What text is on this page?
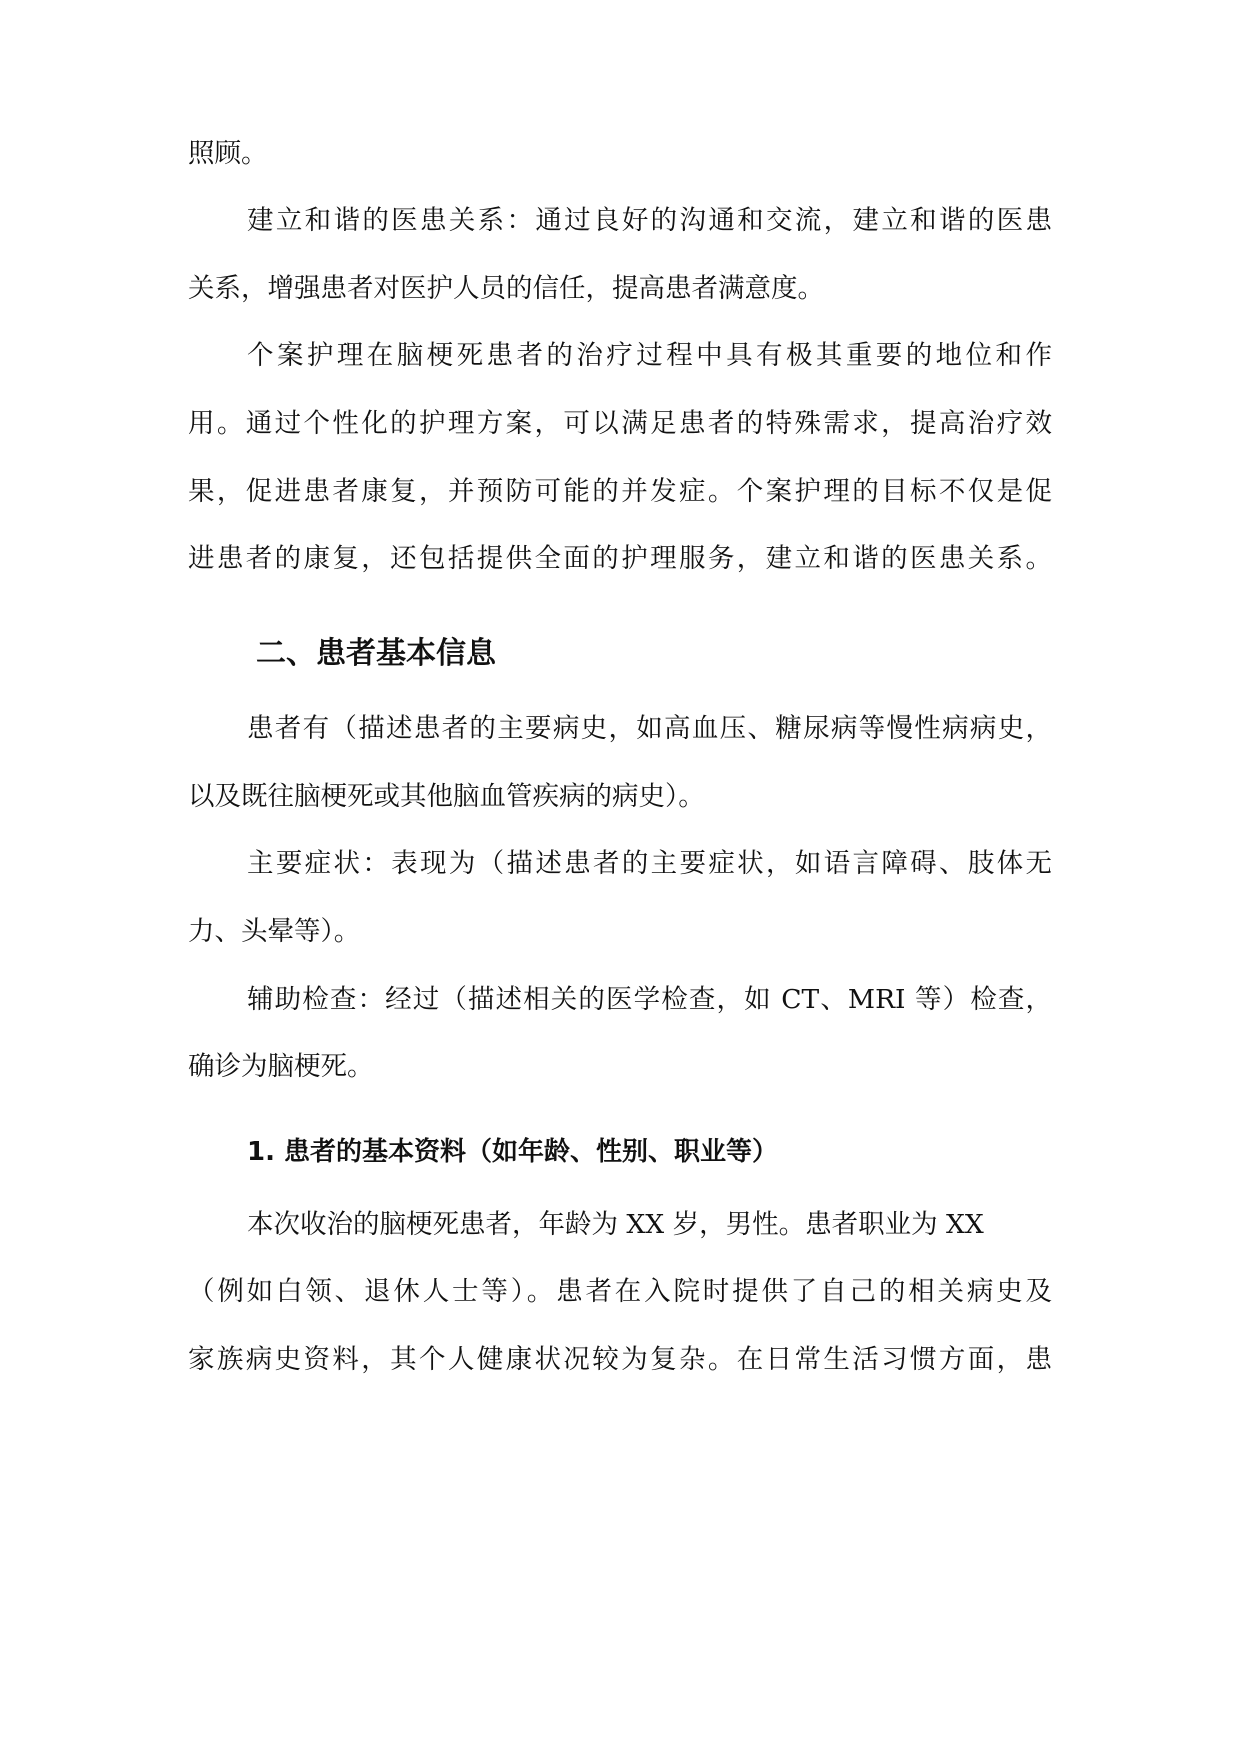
照顾。
建立和谐的医患关系：通过良好的沟通和交流，建立和谐的医患
关系，增强患者对医护人员的信任，提高患者满意度。
个案护理在脑梗死患者的治疗过程中具有极其重要的地位和作
用。通过个性化的护理方案，可以满足患者的特殊需求，提高治疗效
果，促进患者康复，并预防可能的并发症。个案护理的目标不仅是促
进患者的康复，还包括提供全面的护理服务，建立和谐的医患关系。
二、患者基本信息
患者有（描述患者的主要病史，如高血压、糖尿病等慢性病病史，
以及既往脑梗死或其他脑血管疾病的病史）。
主要症状：表现为（描述患者的主要症状，如语言障碍、肢体无
力、头晕等）。
辅助检查：经过（描述相关的医学检查，如 CT、MRI 等）检查，
确诊为脑梗死。
1. 患者的基本资料（如年龄、性别、职业等）
本次收治的脑梗死患者，年龄为 XX 岁，男性。患者职业为 XX
（例如白领、退休人士等）。患者在入院时提供了自己的相关病史及
家族病史资料，其个人健康状况较为复杂。在日常生活习惯方面，患
